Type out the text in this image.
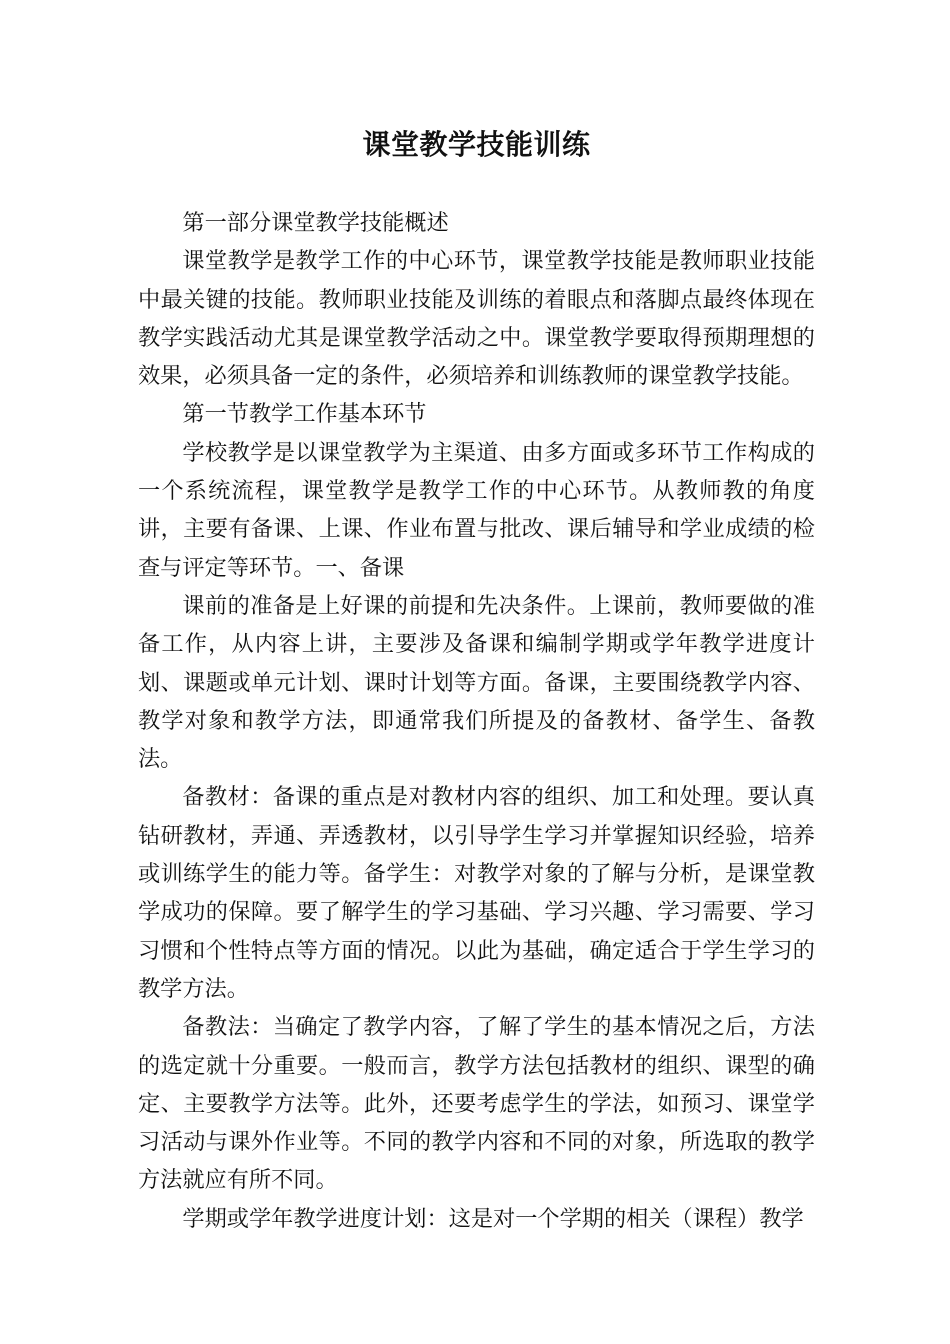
课堂教学技能训练

第一部分课堂教学技能概述

课堂教学是教学工作的中心环节，课堂教学技能是教师职业技能中最关键的技能。教师职业技能及训练的着眼点和落脚点最终体现在教学实践活动尤其是课堂教学活动之中。课堂教学要取得预期理想的效果，必须具备一定的条件，必须培养和训练教师的课堂教学技能。

第一节教学工作基本环节

学校教学是以课堂教学为主渠道、由多方面或多环节工作构成的一个系统流程，课堂教学是教学工作的中心环节。从教师教的角度讲，主要有备课、上课、作业布置与批改、课后辅导和学业成绩的检查与评定等环节。一、备课

课前的准备是上好课的前提和先决条件。上课前，教师要做的准备工作，从内容上讲，主要涉及备课和编制学期或学年教学进度计划、课题或单元计划、课时计划等方面。备课，主要围绕教学内容、教学对象和教学方法，即通常我们所提及的备教材、备学生、备教法。

备教材：备课的重点是对教材内容的组织、加工和处理。要认真钻研教材，弄通、弄透教材，以引导学生学习并掌握知识经验，培养或训练学生的能力等。备学生：对教学对象的了解与分析，是课堂教学成功的保障。要了解学生的学习基础、学习兴趣、学习需要、学习习惯和个性特点等方面的情况。以此为基础，确定适合于学生学习的教学方法。

备教法：当确定了教学内容，了解了学生的基本情况之后，方法的选定就十分重要。一般而言，教学方法包括教材的组织、课型的确定、主要教学方法等。此外，还要考虑学生的学法，如预习、课堂学习活动与课外作业等。不同的教学内容和不同的对象，所选取的教学方法就应有所不同。

学期或学年教学进度计划：这是对一个学期的相关（课程）教学
